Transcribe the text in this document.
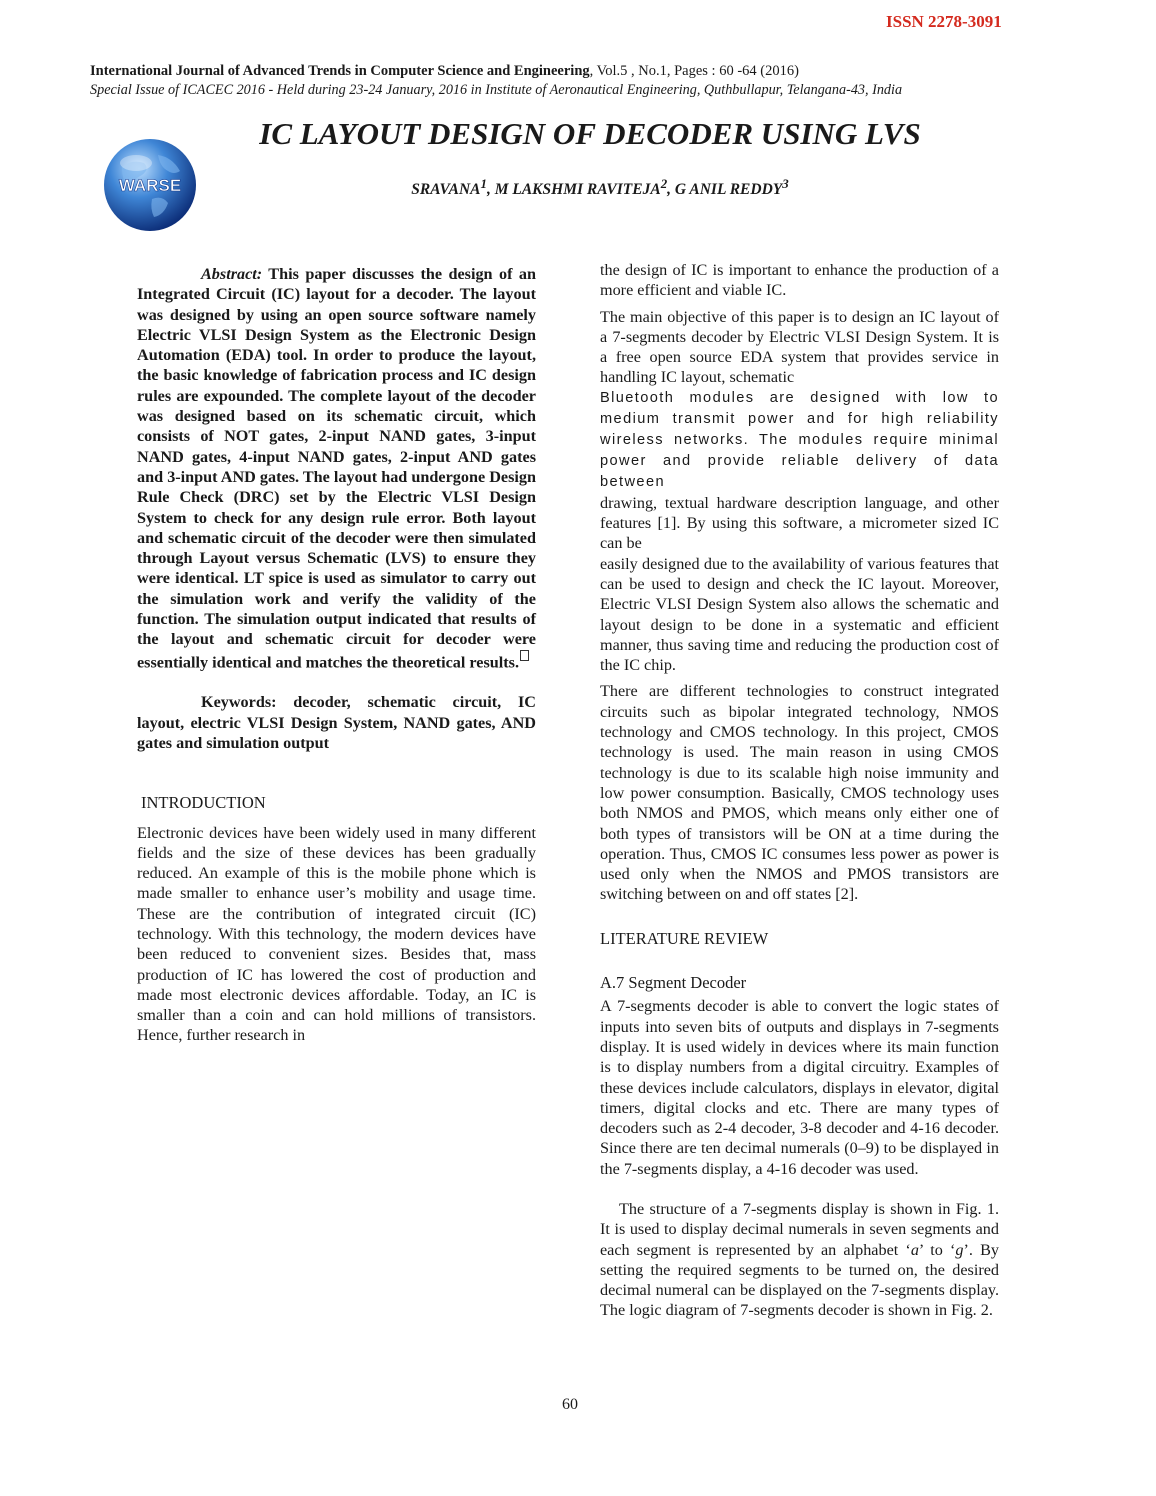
ISSN 2278-3091
International Journal of Advanced Trends in Computer Science and Engineering, Vol.5 , No.1, Pages : 60 -64 (2016)
Special Issue of ICACEC 2016 - Held during 23-24 January, 2016 in Institute of Aeronautical Engineering, Quthbullapur, Telangana-43, India
WARSE
IC LAYOUT DESIGN OF DECODER USING LVS
SRAVANA$^1$, M LAKSHMI RAVITEJA$^2$, G ANIL REDDY$^3$

Abstract: This paper discusses the design of an Integrated Circuit (IC) layout for a decoder. The layout was designed by using an open source software namely Electric VLSI Design System as the Electronic Design Automation (EDA) tool. In order to produce the layout, the basic knowledge of fabrication process and IC design rules are expounded. The complete layout of the decoder was designed based on its schematic circuit, which consists of NOT gates, 2-input NAND gates, 3-input NAND gates, 4-input NAND gates, 2-input AND gates and 3-input AND gates. The layout had undergone Design Rule Check (DRC) set by the Electric VLSI Design System to check for any design rule error. Both layout and schematic circuit of the decoder were then simulated through Layout versus Schematic (LVS) to ensure they were identical. LT spice is used as simulator to carry out the simulation work and verify the validity of the function. The simulation output indicated that results of the layout and schematic circuit for decoder were essentially identical and matches the theoretical results.

Keywords: decoder, schematic circuit, IC layout, electric VLSI Design System, NAND gates, AND gates and simulation output

INTRODUCTION

Electronic devices have been widely used in many different fields and the size of these devices has been gradually reduced. An example of this is the mobile phone which is made smaller to enhance user’s mobility and usage time. These are the contribution of integrated circuit (IC) technology. With this technology, the modern devices have been reduced to convenient sizes. Besides that, mass production of IC has lowered the cost of production and made most electronic devices affordable. Today, an IC is smaller than a coin and can hold millions of transistors. Hence, further research in

the design of IC is important to enhance the production of a more efficient and viable IC.

The main objective of this paper is to design an IC layout of a 7-segments decoder by Electric VLSI Design System. It is a free open source EDA system that provides service in handling IC layout, schematic

Bluetooth modules are designed with low to medium transmit power and for high reliability wireless networks. The modules require minimal power and provide reliable delivery of data between

drawing, textual hardware description language, and other features [1]. By using this software, a micrometer sized IC can be

easily designed due to the availability of various features that can be used to design and check the IC layout. Moreover, Electric VLSI Design System also allows the schematic and layout design to be done in a systematic and efficient manner, thus saving time and reducing the production cost of the IC chip.

There are different technologies to construct integrated circuits such as bipolar integrated technology, NMOS technology and CMOS technology. In this project, CMOS technology is used. The main reason in using CMOS technology is due to its scalable high noise immunity and low power consumption. Basically, CMOS technology uses both NMOS and PMOS, which means only either one of both types of transistors will be ON at a time during the operation. Thus, CMOS IC consumes less power as power is used only when the NMOS and PMOS transistors are switching between on and off states [2].

LITERATURE REVIEW

A.7 Segment Decoder

A 7-segments decoder is able to convert the logic states of inputs into seven bits of outputs and displays in 7-segments display. It is used widely in devices where its main function is to display numbers from a digital circuitry. Examples of these devices include calculators, displays in elevator, digital timers, digital clocks and etc. There are many types of decoders such as 2-4 decoder, 3-8 decoder and 4-16 decoder. Since there are ten decimal numerals (0–9) to be displayed in the 7-segments display, a 4-16 decoder was used.

The structure of a 7-segments display is shown in Fig. 1. It is used to display decimal numerals in seven segments and each segment is represented by an alphabet ‘a’ to ‘g’. By setting the required segments to be turned on, the desired decimal numeral can be displayed on the 7-segments display. The logic diagram of 7-segments decoder is shown in Fig. 2.

60
